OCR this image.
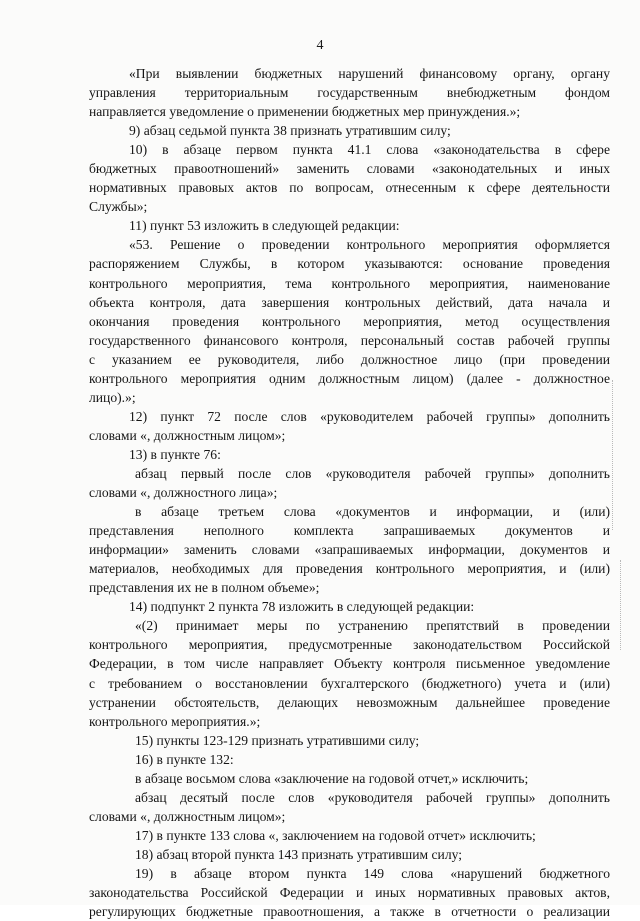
4
«При выявлении бюджетных нарушений финансовому органу, органу
управления территориальным государственным внебюджетным фондом
направляется уведомление о применении бюджетных мер принуждения.»;
9) абзац седьмой пункта 38 признать утратившим силу;
10) в абзаце первом пункта 41.1 слова «законодательства в сфере
бюджетных правоотношений» заменить словами «законодательных и иных
нормативных правовых актов по вопросам, отнесенным к сфере деятельности
Службы»;
11) пункт 53 изложить в следующей редакции:
«53. Решение о проведении контрольного мероприятия оформляется
распоряжением Службы, в котором указываются: основание проведения
контрольного мероприятия, тема контрольного мероприятия, наименование
объекта контроля, дата завершения контрольных действий, дата начала и
окончания проведения контрольного мероприятия, метод осуществления
государственного финансового контроля, персональный состав рабочей группы
с указанием ее руководителя, либо должностное лицо (при проведении
контрольного мероприятия одним должностным лицом) (далее - должностное
лицо).»;
12) пункт 72 после слов «руководителем рабочей группы» дополнить
словами «, должностным лицом»;
13) в пункте 76:
абзац первый после слов «руководителя рабочей группы» дополнить
словами «, должностного лица»;
в абзаце третьем слова «документов и информации, и (или)
представления неполного комплекта запрашиваемых документов и
информации» заменить словами «запрашиваемых информации, документов и
материалов, необходимых для проведения контрольного мероприятия, и (или)
представления их не в полном объеме»;
14) подпункт 2 пункта 78 изложить в следующей редакции:
«(2) принимает меры по устранению препятствий в проведении
контрольного мероприятия, предусмотренные законодательством Российской
Федерации, в том числе направляет Объекту контроля письменное уведомление
с требованием о восстановлении бухгалтерского (бюджетного) учета и (или)
устранении обстоятельств, делающих невозможным дальнейшее проведение
контрольного мероприятия.»;
15) пункты 123-129 признать утратившими силу;
16) в пункте 132:
в абзаце восьмом слова «заключение на годовой отчет,» исключить;
абзац десятый после слов «руководителя рабочей группы» дополнить
словами «, должностным лицом»;
17) в пункте 133 слова «, заключением на годовой отчет» исключить;
18) абзац второй пункта 143 признать утратившим силу;
19) в абзаце втором пункта 149 слова «нарушений бюджетного
законодательства Российской Федерации и иных нормативных правовых актов,
регулирующих бюджетные правоотношения, а также в отчетности о реализации
